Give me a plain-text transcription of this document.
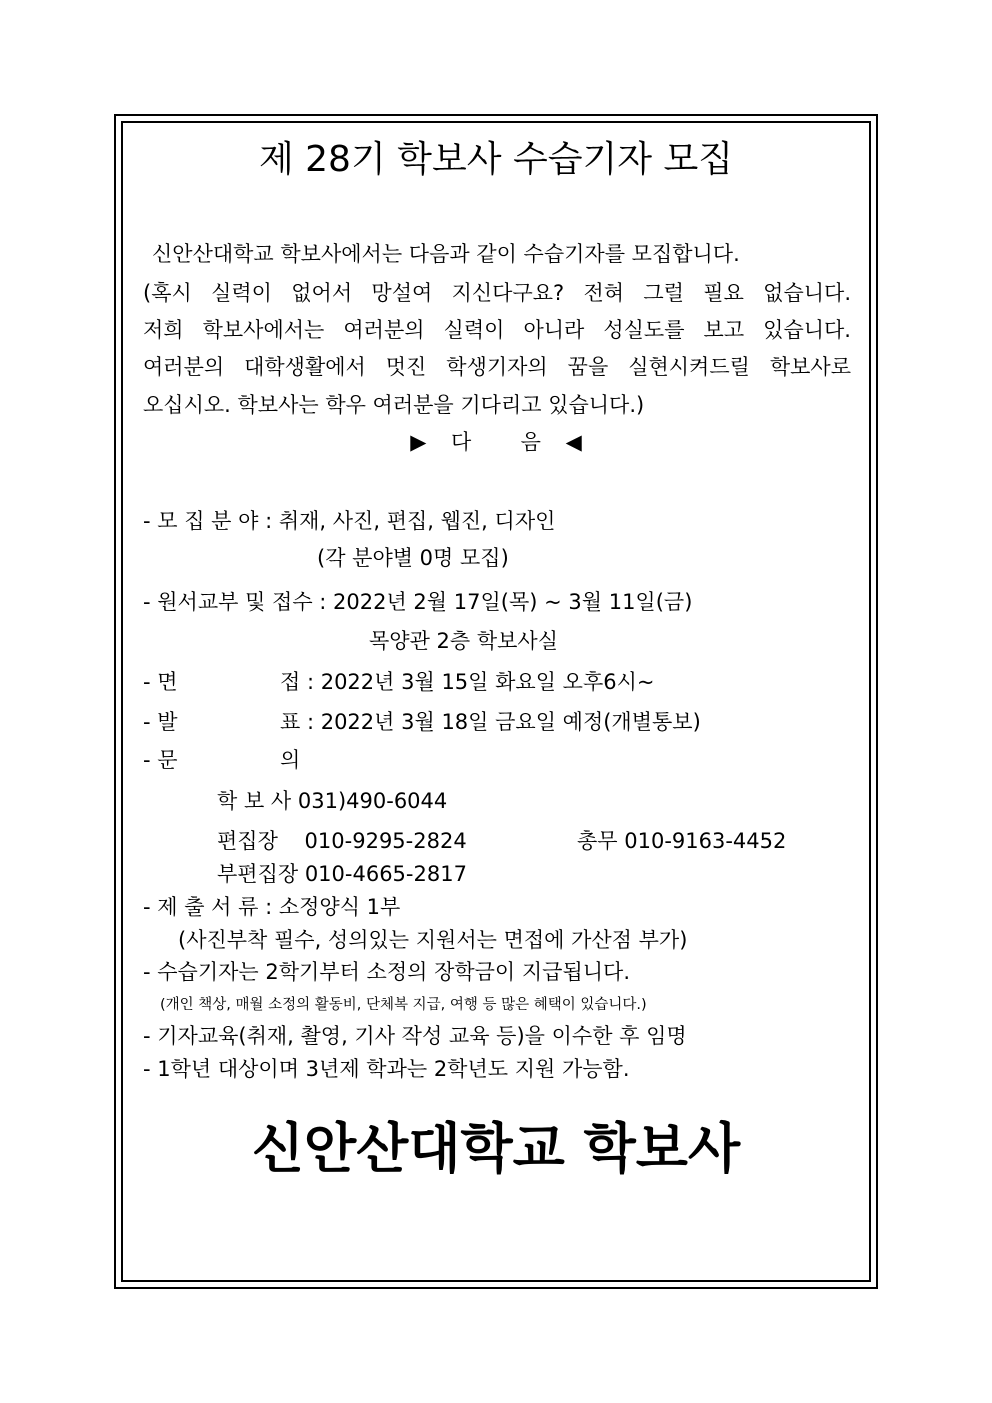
제 28기 학보사 수습기자 모집
신안산대학교 학보사에서는 다음과 같이 수습기자를 모집합니다.
(혹시 실력이 없어서 망설여 지신다구요? 전혀 그럴 필요 없습니다.
저희 학보사에서는 여러분의 실력이 아니라 성실도를 보고 있습니다.
여러분의 대학생활에서 멋진 학생기자의 꿈을 실현시켜드릴 학보사로
오십시오. 학보사는 학우 여러분을 기다리고 있습니다.)
▶ 다  음 ◀
- 모 집 분 야 : 취재, 사진, 편집, 웹진, 디자인
(각 분야별 0명 모집)
- 원서교부 및 접수 : 2022년 2월 17일(목) ~ 3월 11일(금)
목양관 2층 학보사실
- 면	접 : 2022년 3월 15일 화요일 오후6시~
- 발	표 : 2022년 3월 18일 금요일 예정(개별통보)
- 문	의
학 보 사 031)490-6044
편집장    010-9295-2824	총무 010-9163-4452
부편집장 010-4665-2817
- 제 출 서 류 : 소정양식 1부
(사진부착 필수, 성의있는 지원서는 면접에 가산점 부가)
- 수습기자는 2학기부터 소정의 장학금이 지급됩니다.
(개인 책상, 매월 소정의 활동비, 단체복 지급, 여행 등 많은 혜택이 있습니다.)
- 기자교육(취재, 촬영, 기사 작성 교육 등)을 이수한 후 임명
- 1학년 대상이며 3년제 학과는 2학년도 지원 가능함.
신안산대학교 학보사
